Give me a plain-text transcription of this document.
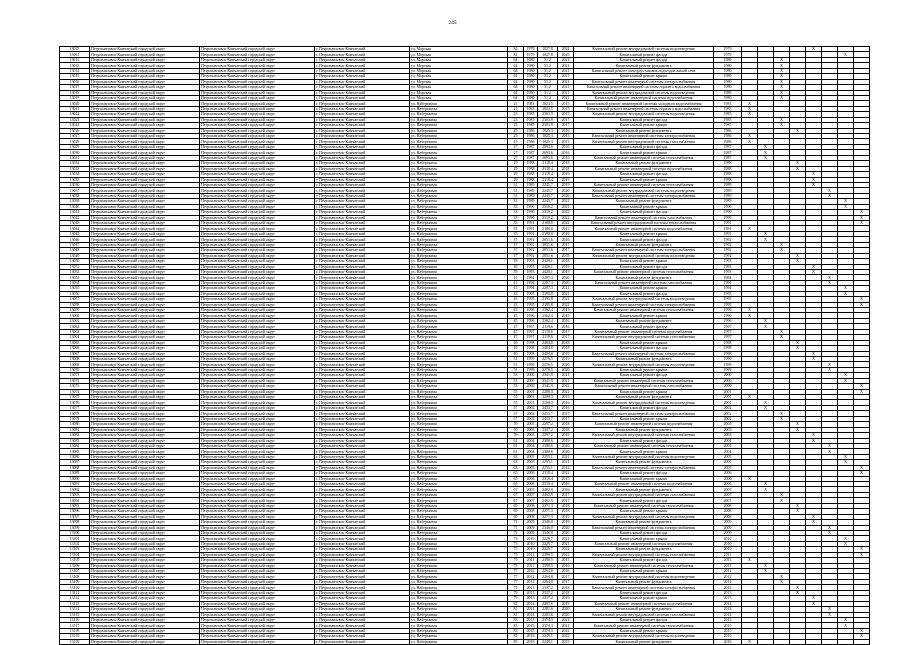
245
13025	Петропавловск-Камчатский городской округ	Петропавловск-Камчатский городской округ	г. Петропавловск-Камчатский	ул. Морская	84	1979	1027,8	2024	Капитальный ремонт внутридомовой системы водоотведения	1979					X			
13011	Петропавловск-Камчатский городской округ	Петропавловск-Камчатский городской округ	г. Петропавловск-Камчатский	ул. Морская	84	1979	1027,8	2025	Капитальный ремонт фасада	1979							X	
13012	Петропавловск-Камчатский городской округ	Петропавловск-Камчатский городской округ	г. Петропавловск-Камчатский	ул. Морская	64	1980	51,2	2021	Капитальный ремонт фасада	1980			X					
13013	Петропавловск-Камчатский городской округ	Петропавловск-Камчатский городской округ	г. Петропавловск-Камчатский	ул. Морская	64	1980	51,2	2021	Капитальный ремонт фундамента	1980			X					
13014	Петропавловск-Камчатский городской округ	Петропавловск-Камчатский городской округ	г. Петропавловск-Камчатский	ул. Морская	64	1980	51,2	2021	Капитальный ремонт электроустановок подъездов жилой сети	1980			X					
13015	Петропавловск-Камчатский городской округ	Петропавловск-Камчатский городской округ	г. Петропавловск-Камчатский	ул. Морская	64	1980	51,2	2021	Капитальный ремонт крыши	1980			X					
13016	Петропавловск-Камчатский городской округ	Петропавловск-Камчатский городской округ	г. Петропавловск-Камчатский	ул. Морская	64	1980	51,2	2021	Капитальный ремонт инженерной системы электроснабжения	1980			X					
13017	Петропавловск-Камчатский городской округ	Петропавловск-Камчатский городской округ	г. Петропавловск-Камчатский	ул. Морская	64	1980	51,2	2021	Капитальный ремонт инженерной системы горячего водоснабжения	1980			X					
13018	Петропавловск-Камчатский городской округ	Петропавловск-Камчатский городской округ	г. Петропавловск-Камчатский	ул. Морская	64	1980	51,2	2021	Капитальный ремонт внутридомовой системы водоотведения	1980			X					
13019	Петропавловск-Камчатский городской округ	Петропавловск-Камчатский городской округ	г. Петропавловск-Камчатский	ул. Морская	64	1980	51,2	2021	Капитальный ремонт инженерной системы водоснабжения	1980			X					
13020	Петропавловск-Камчатский городской округ	Петропавловск-Камчатский городской округ	г. Петропавловск-Камчатский	ул. Набережная	21	1983	1823,5	2015	Капитальный ремонт инженерной системы холодного водоснабжения	1983	X							
13021	Петропавловск-Камчатский городской округ	Петропавловск-Камчатский городской округ	г. Петропавловск-Камчатский	ул. Набережная	21	1983	1823,5	2015	Капитальный ремонт инженерной системы горячего водоснабжения	1983	X							
13022	Петропавловск-Камчатский городской округ	Петропавловск-Камчатский городской округ	г. Петропавловск-Камчатский	ул. Набережная	23	1985	2303,9	2015	Капитальный ремонт внутридомовой системы водоотведения	1985	X							
13023	Петропавловск-Камчатский городской округ	Петропавловск-Камчатский городской округ	г. Петропавловск-Камчатский	ул. Набережная	23	1985	2303,9	2017	Капитальный ремонт фасада	1985			X					
13024	Петропавловск-Камчатский городской округ	Петропавловск-Камчатский городской округ	г. Петропавловск-Камчатский	ул. Набережная	23	1985	2303,9	2017	Капитальный ремонт крыши	1985			X					
13026	Петропавловск-Камчатский городской округ	Петропавловск-Камчатский городской округ	г. Петропавловск-Камчатский	ул. Набережная	25	1986	1825,3	2016	Капитальный ремонт фундамента	1986				X				
13027	Петропавловск-Камчатский городской округ	Петропавловск-Камчатский городской округ	г. Петропавловск-Камчатский	ул. Набережная	25	1986	1825,3	2015	Капитальный ремонт инженерной системы электроснабжения	1986	X							
13028	Петропавловск-Камчатский городской округ	Петропавловск-Камчатский городской округ	г. Петропавловск-Камчатский	ул. Набережная	25	1986	1825,3	2015	Капитальный ремонт внутридомовой системы газоснабжения	1986	X							
13029	Петропавловск-Камчатский городской округ	Петропавловск-Камчатский городской округ	г. Петропавловск-Камчатский	ул. Набережная	27	1987	2093,6	2016	Капитальный ремонт фасада	1987		X						
13030	Петропавловск-Камчатский городской округ	Петропавловск-Камчатский городской округ	г. Петропавловск-Камчатский	ул. Набережная	27	1987	2093,6	2016	Капитальный ремонт крыши	1987		X						
13031	Петропавловск-Камчатский городской округ	Петропавловск-Камчатский городской округ	г. Петропавловск-Камчатский	ул. Набережная	27	1987	2093,6	2016	Капитальный ремонт инженерной системы теплоснабжения	1987		X						
13032	Петропавловск-Камчатский городской округ	Петропавловск-Камчатский городской округ	г. Петропавловск-Камчатский	ул. Набережная	29	1988	2118,4	2018	Капитальный ремонт фундамента	1988				X				
13033	Петропавловск-Камчатский городской округ	Петропавловск-Камчатский городской округ	г. Петропавловск-Камчатский	ул. Набережная	29	1988	2118,4	2018	Капитальный ремонт инженерной системы водоснабжения	1988				X				
13034	Петропавловск-Камчатский городской округ	Петропавловск-Камчатский городской округ	г. Петропавловск-Камчатский	ул. Набережная	29	1988	2118,4	2019	Капитальный ремонт фасада	1988					X			
13035	Петропавловск-Камчатский городской округ	Петропавловск-Камчатский городской округ	г. Петропавловск-Камчатский	ул. Набережная	29	1988	2118,4	2019	Капитальный ремонт крыши	1988					X			
13036	Петропавловск-Камчатский городской округ	Петропавловск-Камчатский городской округ	г. Петропавловск-Камчатский	ул. Набережная	31	1989	2245,7	2019	Капитальный ремонт инженерной системы теплоснабжения	1989					X			
13037	Петропавловск-Камчатский городской округ	Петропавловск-Камчатский городской округ	г. Петропавловск-Камчатский	ул. Набережная	31	1989	2245,7	2020	Капитальный ремонт внутридомовой системы водоотведения	1989						X		
13038	Петропавловск-Камчатский городской округ	Петропавловск-Камчатский городской округ	г. Петропавловск-Камчатский	ул. Набережная	31	1989	2245,7	2020	Капитальный ремонт инженерной системы электроснабжения	1989						X		
13039	Петропавловск-Камчатский городской округ	Петропавловск-Камчатский городской округ	г. Петропавловск-Камчатский	ул. Набережная	31	1989	2245,7	2021	Капитальный ремонт фундамента	1989							X	
13040	Петропавловск-Камчатский городской округ	Петропавловск-Камчатский городской округ	г. Петропавловск-Камчатский	ул. Набережная	33	1990	2310,2	2021	Капитальный ремонт крыши	1990							X	
13041	Петропавловск-Камчатский городской округ	Петропавловск-Камчатский городской округ	г. Петропавловск-Камчатский	ул. Набережная	33	1990	2310,2	2022	Капитальный ремонт фасада	1990								X
13042	Петропавловск-Камчатский городской округ	Петропавловск-Камчатский городской округ	г. Петропавловск-Камчатский	ул. Набережная	33	1990	2310,2	2022	Капитальный ремонт инженерной системы газоснабжения	1990								X
13043	Петропавловск-Камчатский городской округ	Петропавловск-Камчатский городской округ	г. Петропавловск-Камчатский	ул. Набережная	35	1991	2188,0	2022	Капитальный ремонт внутридомовой системы теплоснабжения	1991								X
13044	Петропавловск-Камчатский городской округ	Петропавловск-Камчатский городской округ	г. Петропавловск-Камчатский	ул. Набережная	35	1991	2188,0	2015	Капитальный ремонт инженерной системы водоснабжения	1991	X							
13045	Петропавловск-Камчатский городской округ	Петропавловск-Камчатский городской округ	г. Петропавловск-Камчатский	ул. Набережная	35	1991	2188,0	2016	Капитальный ремонт крыши	1991		X						
13046	Петропавловск-Камчатский городской округ	Петропавловск-Камчатский городской округ	г. Петропавловск-Камчатский	ул. Набережная	37	1992	2051,6	2016	Капитальный ремонт фасада	1992		X						
13047	Петропавловск-Камчатский городской округ	Петропавловск-Камчатский городской округ	г. Петропавловск-Камчатский	ул. Набережная	37	1992	2051,6	2017	Капитальный ремонт фундамента	1992			X					
13048	Петропавловск-Камчатский городской округ	Петропавловск-Камчатский городской округ	г. Петропавловск-Камчатский	ул. Набережная	37	1992	2051,6	2017	Капитальный ремонт инженерной системы электроснабжения	1992			X					
13049	Петропавловск-Камчатский городской округ	Петропавловск-Камчатский городской округ	г. Петропавловск-Камчатский	ул. Набережная	37	1992	2051,6	2018	Капитальный ремонт внутридомовой системы водоотведения	1992				X				
13050	Петропавловск-Камчатский городской округ	Петропавловск-Камчатский городской округ	г. Петропавловск-Камчатский	ул. Набережная	39	1993	2420,1	2018	Капитальный ремонт крыши	1993				X				
13051	Петропавловск-Камчатский городской округ	Петропавловск-Камчатский городской округ	г. Петропавловск-Камчатский	ул. Набережная	39	1993	2420,1	2019	Капитальный ремонт фасада	1993					X			
13052	Петропавловск-Камчатский городской округ	Петропавловск-Камчатский городской округ	г. Петропавловск-Камчатский	ул. Набережная	39	1993	2420,1	2019	Капитальный ремонт инженерной системы теплоснабжения	1993					X			
13053	Петропавловск-Камчатский городской округ	Петропавловск-Камчатский городской округ	г. Петропавловск-Камчатский	ул. Набережная	41	1994	2287,3	2020	Капитальный ремонт фундамента	1994						X		
13054	Петропавловск-Камчатский городской округ	Петропавловск-Камчатский городской округ	г. Петропавловск-Камчатский	ул. Набережная	41	1994	2287,3	2020	Капитальный ремонт инженерной системы газоснабжения	1994						X		
13055	Петропавловск-Камчатский городской округ	Петропавловск-Камчатский городской округ	г. Петропавловск-Камчатский	ул. Набережная	41	1994	2287,3	2021	Капитальный ремонт крыши	1994							X	
13056	Петропавловск-Камчатский городской округ	Петропавловск-Камчатский городской округ	г. Петропавловск-Камчатский	ул. Набережная	43	1995	2195,8	2021	Капитальный ремонт фасада	1995							X	
13057	Петропавловск-Камчатский городской округ	Петропавловск-Камчатский городской округ	г. Петропавловск-Камчатский	ул. Набережная	43	1995	2195,8	2022	Капитальный ремонт внутридомовой системы водоотведения	1995								X
13058	Петропавловск-Камчатский городской округ	Петропавловск-Камчатский городской округ	г. Петропавловск-Камчатский	ул. Набережная	43	1995	2195,8	2022	Капитальный ремонт инженерной системы электроснабжения	1995								X
13059	Петропавловск-Камчатский городской округ	Петропавловск-Камчатский городской округ	г. Петропавловск-Камчатский	ул. Набережная	45	1996	2362,4	2015	Капитальный ремонт инженерной системы теплоснабжения	1996	X							
13060	Петропавловск-Камчатский городской округ	Петропавловск-Камчатский городской округ	г. Петропавловск-Камчатский	ул. Набережная	45	1996	2362,4	2015	Капитальный ремонт крыши	1996	X							
13061	Петропавловск-Камчатский городской округ	Петропавловск-Камчатский городской округ	г. Петропавловск-Камчатский	ул. Набережная	45	1996	2362,4	2016	Капитальный ремонт фундамента	1996		X						
13062	Петропавловск-Камчатский городской округ	Петропавловск-Камчатский городской округ	г. Петропавловск-Камчатский	ул. Набережная	47	1997	2119,6	2016	Капитальный ремонт фасада	1997		X						
13063	Петропавловск-Камчатский городской округ	Петропавловск-Камчатский городской округ	г. Петропавловск-Камчатский	ул. Набережная	47	1997	2119,6	2017	Капитальный ремонт инженерной системы водоснабжения	1997			X					
13064	Петропавловск-Камчатский городской округ	Петропавловск-Камчатский городской округ	г. Петропавловск-Камчатский	ул. Набережная	47	1997	2119,6	2017	Капитальный ремонт внутридомовой системы газоснабжения	1997			X					
13065	Петропавловск-Камчатский городской округ	Петропавловск-Камчатский городской округ	г. Петропавловск-Камчатский	ул. Набережная	49	1998	2404,0	2018	Капитальный ремонт крыши	1998				X				
13066	Петропавловск-Камчатский городской округ	Петропавловск-Камчатский городской округ	г. Петропавловск-Камчатский	ул. Набережная	49	1998	2404,0	2018	Капитальный ремонт фасада	1998				X				
13067	Петропавловск-Камчатский городской округ	Петропавловск-Камчатский городской округ	г. Петропавловск-Камчатский	ул. Набережная	49	1998	2404,0	2019	Капитальный ремонт инженерной системы электроснабжения	1998					X			
13068	Петропавловск-Камчатский городской округ	Петропавловск-Камчатский городской округ	г. Петропавловск-Камчатский	ул. Набережная	51	1999	2276,5	2019	Капитальный ремонт фундамента	1999					X			
13069	Петропавловск-Камчатский городской округ	Петропавловск-Камчатский городской округ	г. Петропавловск-Камчатский	ул. Набережная	51	1999	2276,5	2020	Капитальный ремонт внутридомовой системы водоотведения	1999						X		
13070	Петропавловск-Камчатский городской округ	Петропавловск-Камчатский городской округ	г. Петропавловск-Камчатский	ул. Набережная	51	1999	2276,5	2020	Капитальный ремонт крыши	1999						X		
13071	Петропавловск-Камчатский городской округ	Петропавловск-Камчатский городской округ	г. Петропавловск-Камчатский	ул. Набережная	53	2000	2341,9	2021	Капитальный ремонт фасада	2000							X	
13072	Петропавловск-Камчатский городской округ	Петропавловск-Камчатский городской округ	г. Петропавловск-Камчатский	ул. Набережная	53	2000	2341,9	2021	Капитальный ремонт инженерной системы теплоснабжения	2000							X	
13073	Петропавловск-Камчатский городской округ	Петропавловск-Камчатский городской округ	г. Петропавловск-Камчатский	ул. Набережная	53	2000	2341,9	2022	Капитальный ремонт инженерной системы газоснабжения	2000								X
13074	Петропавловск-Камчатский городской округ	Петропавловск-Камчатский городской округ	г. Петропавловск-Камчатский	ул. Набережная	55	2001	2208,3	2022	Капитальный ремонт крыши	2001								X
13075	Петропавловск-Камчатский городской округ	Петропавловск-Камчатский городской округ	г. Петропавловск-Камчатский	ул. Набережная	55	2001	2208,3	2015	Капитальный ремонт фундамента	2001	X							
13076	Петропавловск-Камчатский городской округ	Петропавловск-Камчатский городской округ	г. Петропавловск-Камчатский	ул. Набережная	55	2001	2208,3	2016	Капитальный ремонт внутридомовой системы водоотведения	2001		X						
13077	Петропавловск-Камчатский городской округ	Петропавловск-Камчатский городской округ	г. Петропавловск-Камчатский	ул. Набережная	57	2002	2433,7	2016	Капитальный ремонт фасада	2002		X						
13078	Петропавловск-Камчатский городской округ	Петропавловск-Камчатский городской округ	г. Петропавловск-Камчатский	ул. Набережная	57	2002	2433,7	2017	Капитальный ремонт инженерной системы электроснабжения	2002			X					
13079	Петропавловск-Камчатский городской округ	Петропавловск-Камчатский городской округ	г. Петропавловск-Камчатский	ул. Набережная	57	2002	2433,7	2017	Капитальный ремонт крыши	2002			X					
13080	Петропавловск-Камчатский городской округ	Петропавловск-Камчатский городской округ	г. Петропавловск-Камчатский	ул. Набережная	59	2003	2297,2	2018	Капитальный ремонт инженерной системы водоснабжения	2003				X				
13081	Петропавловск-Камчатский городской округ	Петропавловск-Камчатский городской округ	г. Петропавловск-Камчатский	ул. Набережная	59	2003	2297,2	2018	Капитальный ремонт фундамента	2003				X				
13082	Петропавловск-Камчатский городской округ	Петропавловск-Камчатский городской округ	г. Петропавловск-Камчатский	ул. Набережная	59	2003	2297,2	2019	Капитальный ремонт внутридомовой системы газоснабжения	2003					X			
13083	Петропавловск-Камчатский городской округ	Петропавловск-Камчатский городской округ	г. Петропавловск-Камчатский	ул. Набережная	61	2004	2380,6	2019	Капитальный ремонт фасада	2004					X			
13084	Петропавловск-Камчатский городской округ	Петропавловск-Камчатский городской округ	г. Петропавловск-Камчатский	ул. Набережная	61	2004	2380,6	2020	Капитальный ремонт инженерной системы теплоснабжения	2004						X		
13085	Петропавловск-Камчатский городской округ	Петропавловск-Камчатский городской округ	г. Петропавловск-Камчатский	ул. Набережная	61	2004	2380,6	2020	Капитальный ремонт крыши	2004						X		
13086	Петропавловск-Камчатский городской округ	Петропавловск-Камчатский городской округ	г. Петропавловск-Камчатский	ул. Набережная	63	2005	2255,1	2021	Капитальный ремонт внутридомовой системы водоотведения	2005							X	
13087	Петропавловск-Камчатский городской округ	Петропавловск-Камчатский городской округ	г. Петропавловск-Камчатский	ул. Набережная	63	2005	2255,1	2021	Капитальный ремонт фундамента	2005							X	
13088	Петропавловск-Камчатский городской округ	Петропавловск-Камчатский городской округ	г. Петропавловск-Камчатский	ул. Набережная	63	2005	2255,1	2022	Капитальный ремонт инженерной системы электроснабжения	2005								X
13089	Петропавловск-Камчатский городской округ	Петропавловск-Камчатский городской округ	г. Петропавловск-Камчатский	ул. Набережная	65	2006	2318,4	2022	Капитальный ремонт фасада	2006								X
13090	Петропавловск-Камчатский городской округ	Петропавловск-Камчатский городской округ	г. Петропавловск-Камчатский	ул. Набережная	65	2006	2318,4	2015	Капитальный ремонт крыши	2006	X							
13091	Петропавловск-Камчатский городской округ	Петропавловск-Камчатский городской округ	г. Петропавловск-Камчатский	ул. Набережная	65	2006	2318,4	2016	Капитальный ремонт инженерной системы водоснабжения	2006		X						
13092	Петропавловск-Камчатский городской округ	Петропавловск-Камчатский городской округ	г. Петропавловск-Камчатский	ул. Набережная	67	2007	2402,9	2016	Капитальный ремонт фундамента	2007		X						
13093	Петропавловск-Камчатский городской округ	Петропавловск-Камчатский городской округ	г. Петропавловск-Камчатский	ул. Набережная	67	2007	2402,9	2017	Капитальный ремонт внутридомовой системы газоснабжения	2007			X					
13094	Петропавловск-Камчатский городской округ	Петропавловск-Камчатский городской округ	г. Петропавловск-Камчатский	ул. Набережная	67	2007	2402,9	2017	Капитальный ремонт фасада	2007			X					
13095	Петропавловск-Камчатский городской округ	Петропавловск-Камчатский городской округ	г. Петропавловск-Камчатский	ул. Набережная	69	2008	2271,3	2018	Капитальный ремонт инженерной системы теплоснабжения	2008				X				
13096	Петропавловск-Камчатский городской округ	Петропавловск-Камчатский городской округ	г. Петропавловск-Камчатский	ул. Набережная	69	2008	2271,3	2018	Капитальный ремонт крыши	2008				X				
13097	Петропавловск-Камчатский городской округ	Петропавловск-Камчатский городской округ	г. Петропавловск-Камчатский	ул. Набережная	69	2008	2271,3	2019	Капитальный ремонт внутридомовой системы водоотведения	2008					X			
13098	Петропавловск-Камчатский городской округ	Петропавловск-Камчатский городской округ	г. Петропавловск-Камчатский	ул. Набережная	71	2009	2346,0	2019	Капитальный ремонт фундамента	2009					X			
13099	Петропавловск-Камчатский городской округ	Петропавловск-Камчатский городской округ	г. Петропавловск-Камчатский	ул. Набережная	71	2009	2346,0	2020	Капитальный ремонт инженерной системы электроснабжения	2009						X		
13100	Петропавловск-Камчатский городской округ	Петропавловск-Камчатский городской округ	г. Петропавловск-Камчатский	ул. Набережная	71	2009	2346,0	2020	Капитальный ремонт фасада	2009						X		
13101	Петропавловск-Камчатский городской округ	Петропавловск-Камчатский городской округ	г. Петропавловск-Камчатский	ул. Набережная	73	2010	2229,7	2021	Капитальный ремонт крыши	2010							X	
13102	Петропавловск-Камчатский городской округ	Петропавловск-Камчатский городской округ	г. Петропавловск-Камчатский	ул. Набережная	73	2010	2229,7	2021	Капитальный ремонт инженерной системы водоснабжения	2010							X	
13103	Петропавловск-Камчатский городской округ	Петропавловск-Камчатский городской округ	г. Петропавловск-Камчатский	ул. Набережная	73	2010	2229,7	2022	Капитальный ремонт фундамента	2010								X
13104	Петропавловск-Камчатский городской округ	Петропавловск-Камчатский городской округ	г. Петропавловск-Камчатский	ул. Набережная	75	2011	2390,5	2022	Капитальный ремонт внутридомовой системы газоснабжения	2011								X
13105	Петропавловск-Камчатский городской округ	Петропавловск-Камчатский городской округ	г. Петропавловск-Камчатский	ул. Набережная	75	2011	2390,5	2015	Капитальный ремонт фасада	2011	X							
13106	Петропавловск-Камчатский городской округ	Петропавловск-Камчатский городской округ	г. Петропавловск-Камчатский	ул. Набережная	75	2011	2390,5	2016	Капитальный ремонт инженерной системы теплоснабжения	2011		X						
13107	Петропавловск-Камчатский городской округ	Петропавловск-Камчатский городской округ	г. Петропавловск-Камчатский	ул. Набережная	77	2012	2264,8	2016	Капитальный ремонт крыши	2012		X						
13108	Петропавловск-Камчатский городской округ	Петропавловск-Камчатский городской округ	г. Петропавловск-Камчатский	ул. Набережная	77	2012	2264,8	2017	Капитальный ремонт внутридомовой системы водоотведения	2012			X					
13109	Петропавловск-Камчатский городской округ	Петропавловск-Камчатский городской округ	г. Петропавловск-Камчатский	ул. Набережная	77	2012	2264,8	2017	Капитальный ремонт фундамента	2012			X					
13110	Петропавловск-Камчатский городской округ	Петропавловск-Камчатский городской округ	г. Петропавловск-Камчатский	ул. Набережная	79	2013	2337,2	2018	Капитальный ремонт инженерной системы электроснабжения	2013				X				
13111	Петропавловск-Камчатский городской округ	Петропавловск-Камчатский городской округ	г. Петропавловск-Камчатский	ул. Набережная	79	2013	2337,2	2018	Капитальный ремонт фасада	2013				X				
13112	Петропавловск-Камчатский городской округ	Петропавловск-Камчатский городской округ	г. Петропавловск-Камчатский	ул. Набережная	79	2013	2337,2	2019	Капитальный ремонт крыши	2013					X			
13113	Петропавловск-Камчатский городской округ	Петропавловск-Камчатский городской округ	г. Петропавловск-Камчатский	ул. Набережная	81	2014	2281,6	2019	Капитальный ремонт инженерной системы водоснабжения	2014					X			
13114	Петропавловск-Камчатский городской округ	Петропавловск-Камчатский городской округ	г. Петропавловск-Камчатский	ул. Набережная	81	2014	2281,6	2020	Капитальный ремонт фундамента	2014						X		
13115	Петропавловск-Камчатский городской округ	Петропавловск-Камчатский городской округ	г. Петропавловск-Камчатский	ул. Набережная	81	2014	2281,6	2020	Капитальный ремонт внутридомовой системы газоснабжения	2014						X		
13116	Петропавловск-Камчатский городской округ	Петропавловск-Камчатский городской округ	г. Петропавловск-Камчатский	ул. Набережная	83	2015	2374,3	2021	Капитальный ремонт фасада	2015							X	
13117	Петропавловск-Камчатский городской округ	Петропавловск-Камчатский городской округ	г. Петропавловск-Камчатский	ул. Набережная	83	2015	2374,3	2021	Капитальный ремонт инженерной системы теплоснабжения	2015							X	
13118	Петропавловск-Камчатский городской округ	Петропавловск-Камчатский городской округ	г. Петропавловск-Камчатский	ул. Набережная	83	2015	2374,3	2022	Капитальный ремонт крыши	2015								X
13119	Петропавловск-Камчатский городской округ	Петропавловск-Камчатский городской округ	г. Петропавловск-Камчатский	ул. Набережная	85	2016	2249,1	2022	Капитальный ремонт внутридомовой системы водоотведения	2016								X
13120	Петропавловск-Камчатский городской округ	Петропавловск-Камчатский городской округ	г. Петропавловск-Камчатский	ул. Набережная	85	2016	2249,1	2015	Капитальный ремонт фундамента	2016	X							
